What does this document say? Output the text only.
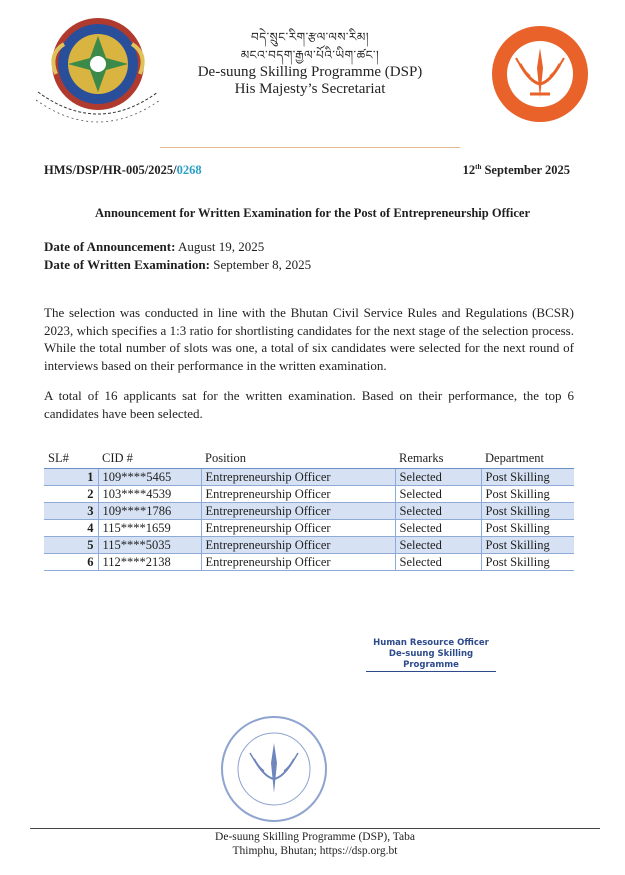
བདེ་སྲུང་རིག་རྩལ་ལས་རིམ།
མངའ་བདག་རྒྱལ་པོའི་ཡིག་ཚང་།
De-suung Skilling Programme (DSP)
His Majesty’s Secretariat
HMS/DSP/HR-005/2025/0268	12th September 2025
Announcement for Written Examination for the Post of Entrepreneurship Officer
Date of Announcement: August 19, 2025
Date of Written Examination: September 8, 2025
The selection was conducted in line with the Bhutan Civil Service Rules and Regulations (BCSR) 2023, which specifies a 1:3 ratio for shortlisting candidates for the next stage of the selection process. While the total number of slots was one, a total of six candidates were selected for the next round of interviews based on their performance in the written examination.
A total of 16 applicants sat for the written examination. Based on their performance, the top 6 candidates have been selected.
SL#	CID #	Position	Remarks	Department
1	109****5465	Entrepreneurship Officer	Selected	Post Skilling
2	103****4539	Entrepreneurship Officer	Selected	Post Skilling
3	109****1786	Entrepreneurship Officer	Selected	Post Skilling
4	115****1659	Entrepreneurship Officer	Selected	Post Skilling
5	115****5035	Entrepreneurship Officer	Selected	Post Skilling
6	112****2138	Entrepreneurship Officer	Selected	Post Skilling
Human Resource Officer
De-suung Skilling Programme
De-suung Skilling Programme (DSP), Taba
Thimphu, Bhutan; https://dsp.org.bt
